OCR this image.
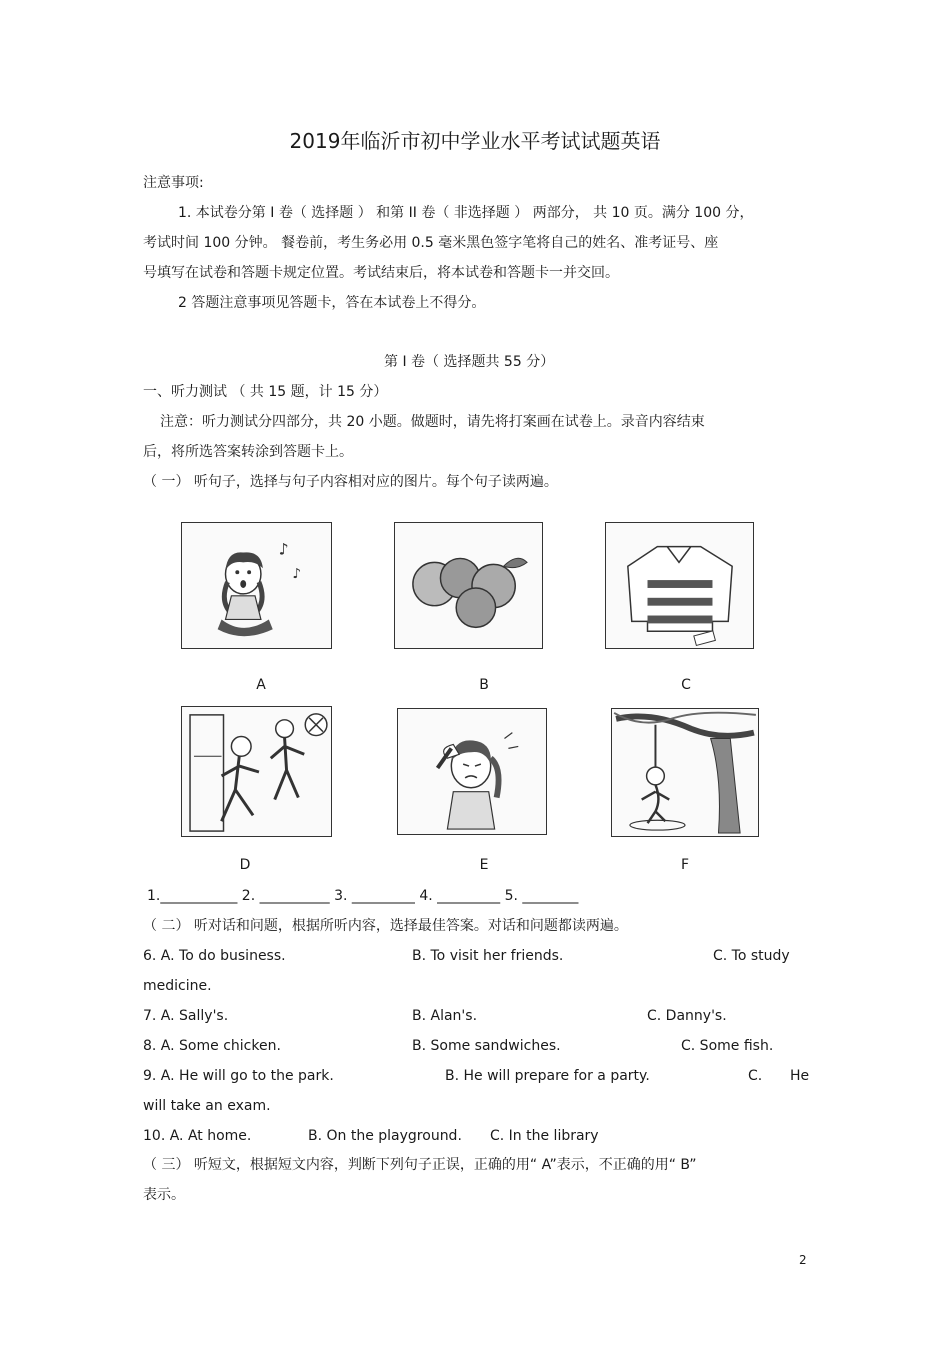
2019年临沂市初中学业水平考试试题英语
注意事项:
1. 本试卷分第 I 卷（ 选择题 ） 和第 II 卷（ 非选择题 ） 两部分， 共 10 页。满分 100 分，
考试时间 100 分钟。 餐卷前，考生务必用 0.5 毫米黑色签字笔将自己的姓名、准考证号、座
号填写在试卷和答题卡规定位置。考试结束后，将本试卷和答题卡一并交回。
2 答题注意事项见答题卡，答在本试卷上不得分。
第 I 卷（ 选择题共 55 分）
一、听力测试 （ 共 15 题，计 15 分）
注意：听力测试分四部分，共 20 小题。做题时，请先将打案画在试卷上。录音内容结束
后，将所选答案转涂到答题卡上。
（ 一） 听句子，选择与句子内容相对应的图片。每个句子读两遍。
♪
♪
A	B	C
D	E	F
1.___________ 2. __________ 3. _________ 4. _________ 5. ________
（ 二） 听对话和问题，根据所听内容，选择最佳答案。对话和问题都读两遍。
6. A. To do business.	B. To visit her friends.	C. To study
medicine.
7. A. Sally's.	B. Alan's.	C. Danny's.
8. A. Some chicken.	B. Some sandwiches.	C. Some fish.
9. A. He will go to the park.	B. He will prepare for a party.	C. He
will take an exam.
10. A. At home.	B. On the playground. C. In the library
（ 三） 听短文，根据短文内容，判断下列句子正误，正确的用“ A”表示，不正确的用“ B”
表示。
2
